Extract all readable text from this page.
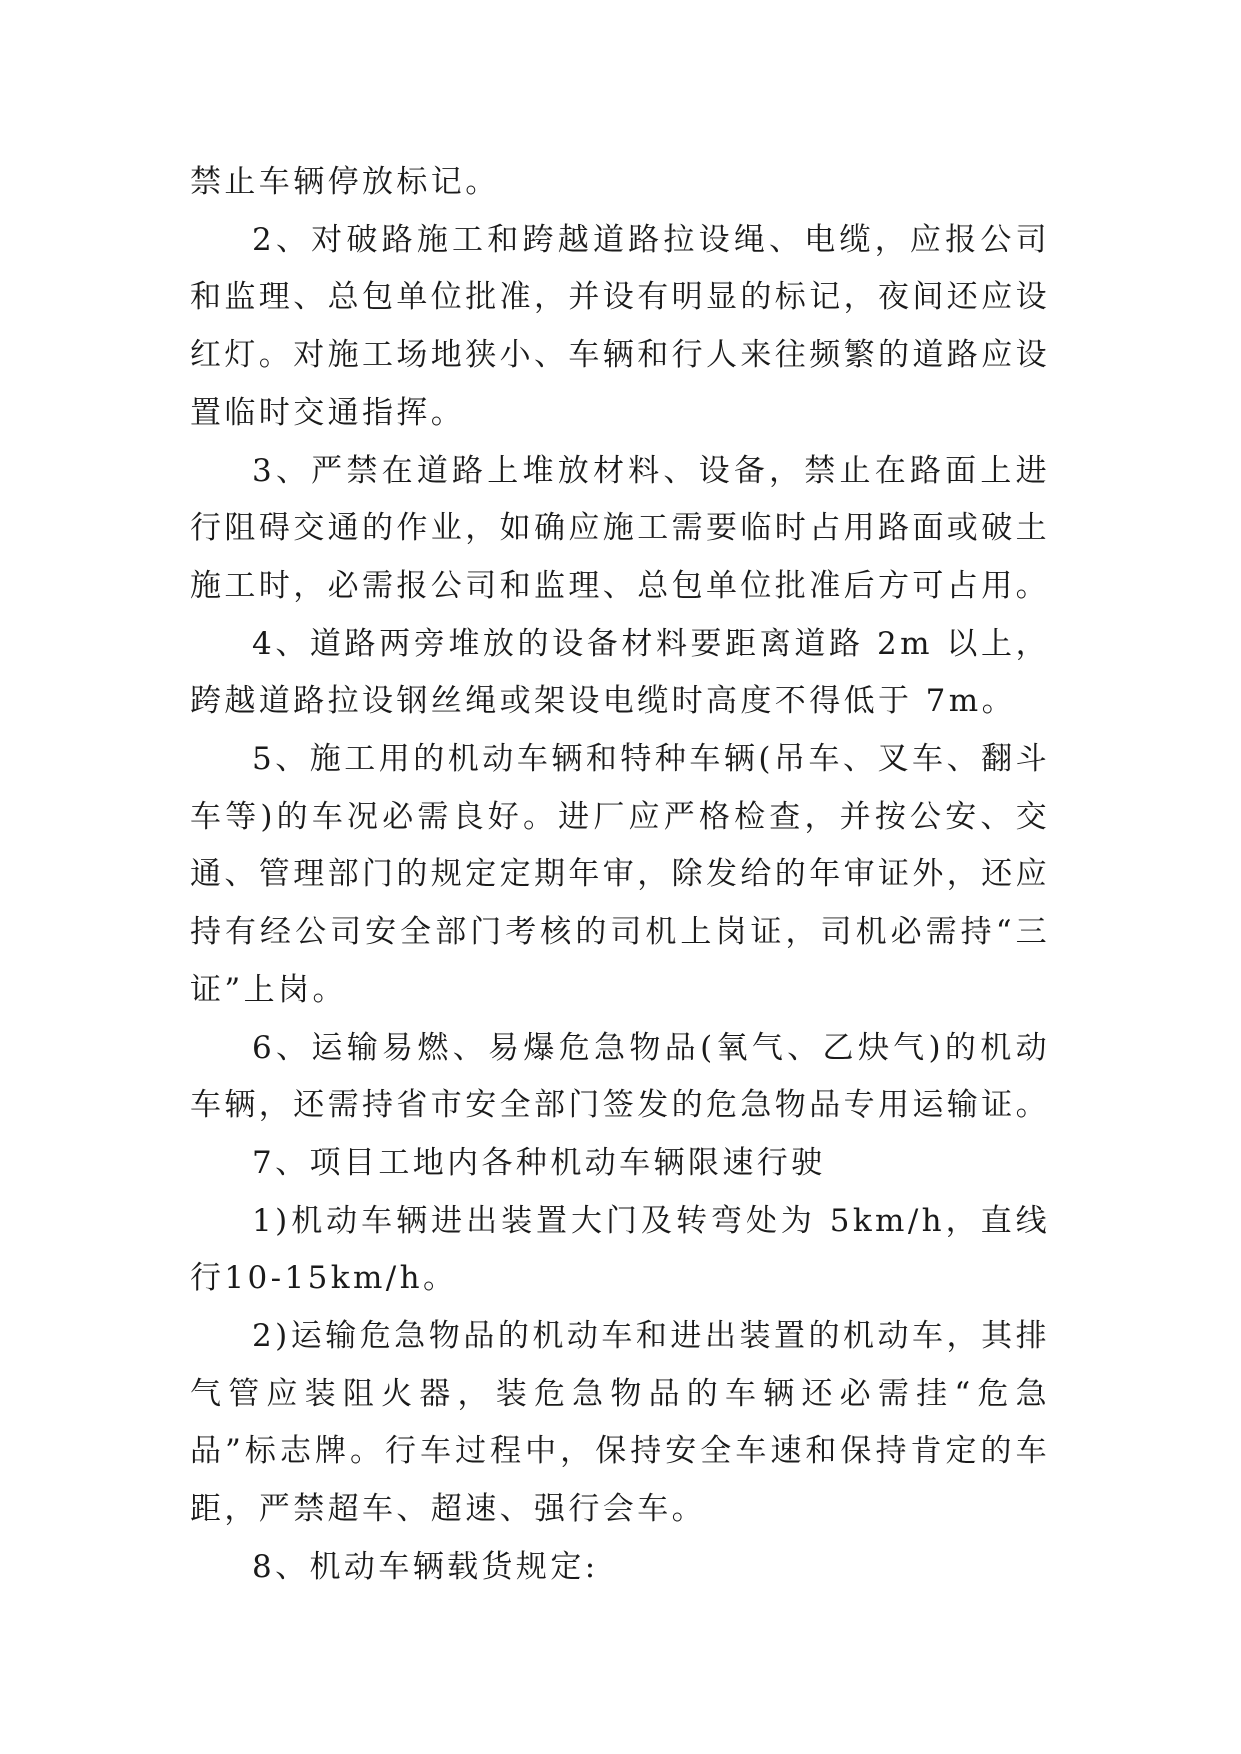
禁止车辆停放标记。

2、对破路施工和跨越道路拉设绳、电缆，应报公司和监理、总包单位批准，并设有明显的标记，夜间还应设红灯。对施工场地狭小、车辆和行人来往频繁的道路应设置临时交通指挥。

3、严禁在道路上堆放材料、设备，禁止在路面上进行阻碍交通的作业，如确应施工需要临时占用路面或破土施工时，必需报公司和监理、总包单位批准后方可占用。

4、道路两旁堆放的设备材料要距离道路 2m 以上，跨越道路拉设钢丝绳或架设电缆时高度不得低于 7m。

5、施工用的机动车辆和特种车辆(吊车、叉车、翻斗车等)的车况必需良好。进厂应严格检查，并按公安、交通、管理部门的规定定期年审，除发给的年审证外，还应持有经公司安全部门考核的司机上岗证，司机必需持“三证”上岗。

6、运输易燃、易爆危急物品(氧气、乙炔气)的机动车辆，还需持省市安全部门签发的危急物品专用运输证。

7、项目工地内各种机动车辆限速行驶

1)机动车辆进出装置大门及转弯处为 5km/h，直线行10-15km/h。

2)运输危急物品的机动车和进出装置的机动车，其排气管应装阻火器，装危急物品的车辆还必需挂“危急品”标志牌。行车过程中，保持安全车速和保持肯定的车距，严禁超车、超速、强行会车。

8、机动车辆载货规定:
